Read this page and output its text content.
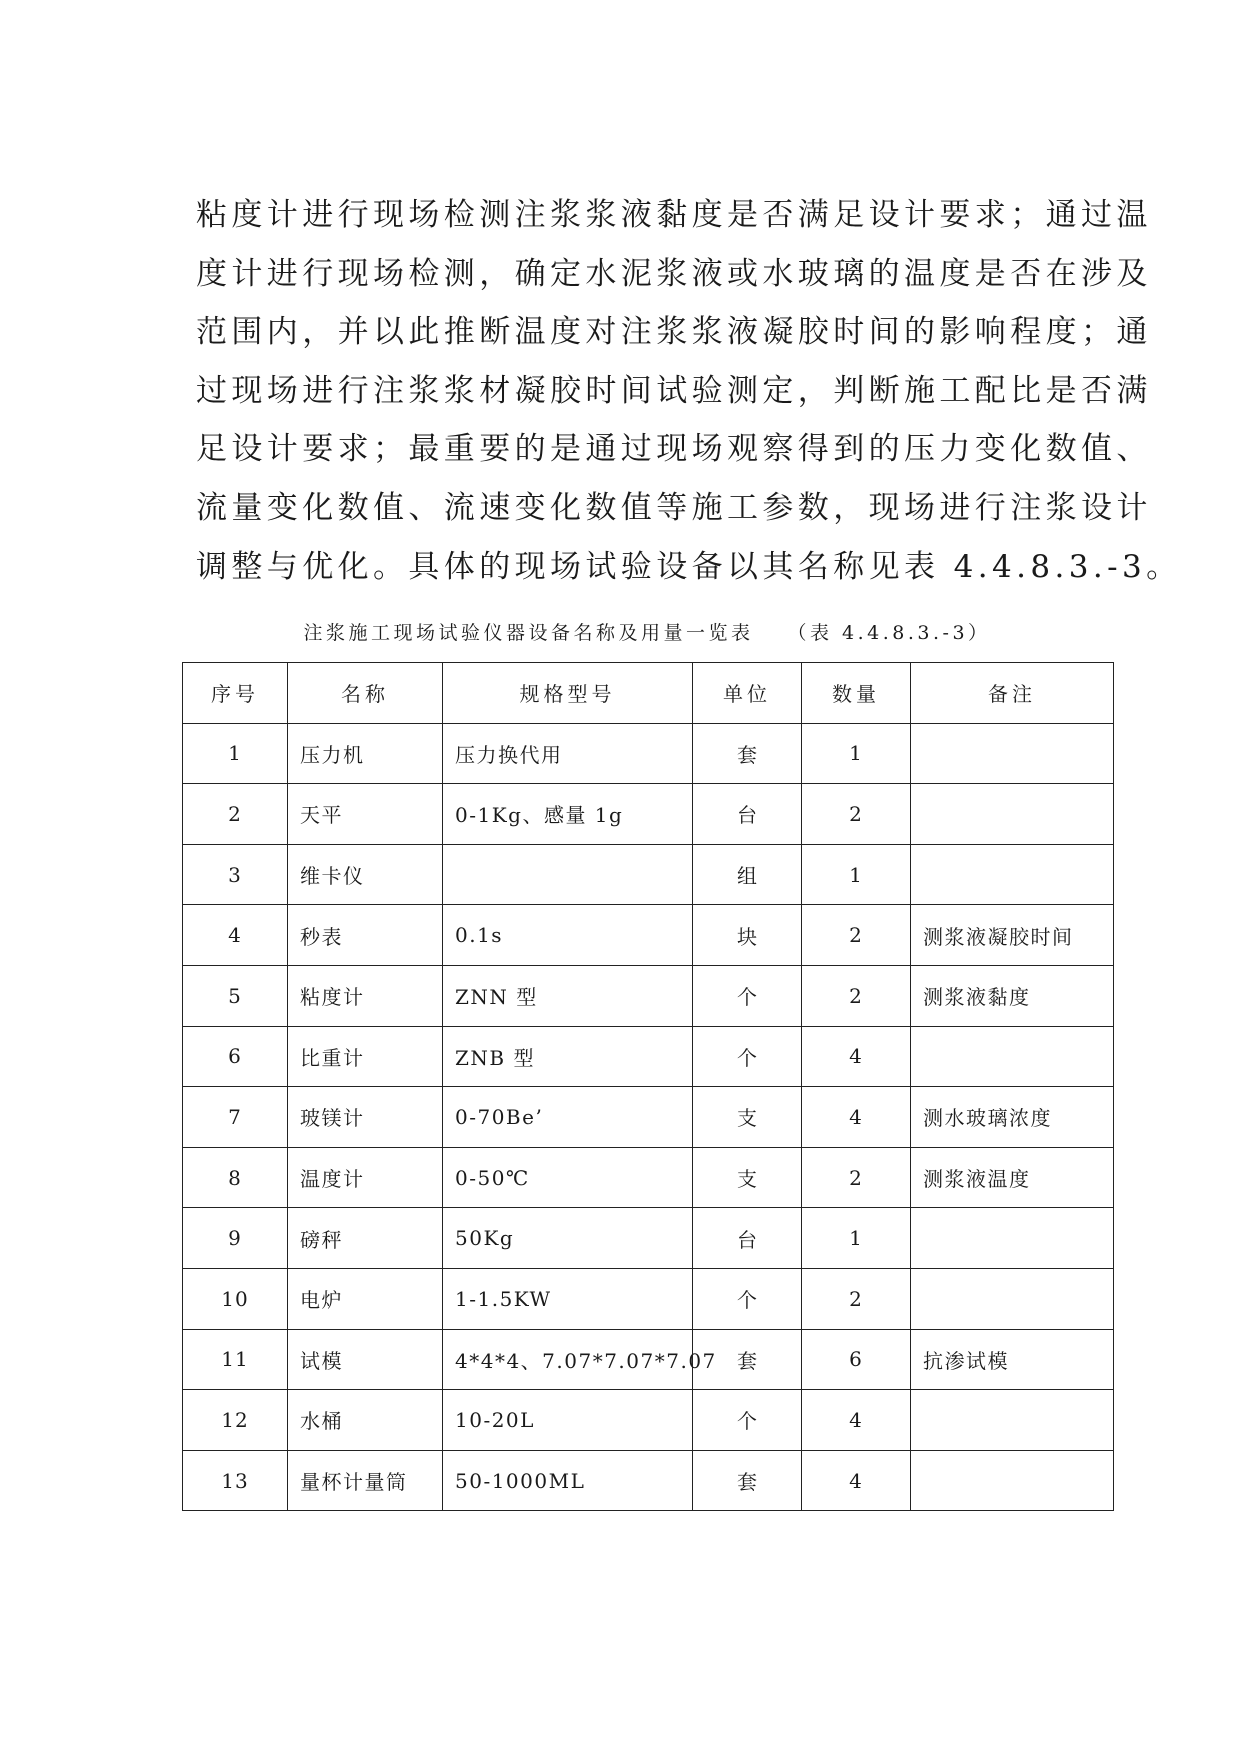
粘度计进行现场检测注浆浆液黏度是否满足设计要求；通过温
度计进行现场检测，确定水泥浆液或水玻璃的温度是否在涉及
范围内，并以此推断温度对注浆浆液凝胶时间的影响程度；通
过现场进行注浆浆材凝胶时间试验测定，判断施工配比是否满
足设计要求；最重要的是通过现场观察得到的压力变化数值、
流量变化数值、流速变化数值等施工参数，现场进行注浆设计
调整与优化。具体的现场试验设备以其名称见表 4.4.8.3.-3。
注浆施工现场试验仪器设备名称及用量一览表 （表 4.4.8.3.-3）
序号	名称	规格型号	单位	数量	备注
1	压力机	压力换代用	套	1	
2	天平	0-1Kg、感量 1g	台	2	
3	维卡仪		组	1	
4	秒表	0.1s	块	2	测浆液凝胶时间
5	粘度计	ZNN 型	个	2	测浆液黏度
6	比重计	ZNB 型	个	4	
7	玻镁计	0-70Be’	支	4	测水玻璃浓度
8	温度计	0-50℃	支	2	测浆液温度
9	磅秤	50Kg	台	1	
10	电炉	1-1.5KW	个	2	
11	试模	4*4*4、7.07*7.07*7.07	套	6	抗渗试模
12	水桶	10-20L	个	4	
13	量杯计量筒	50-1000ML	套	4	
